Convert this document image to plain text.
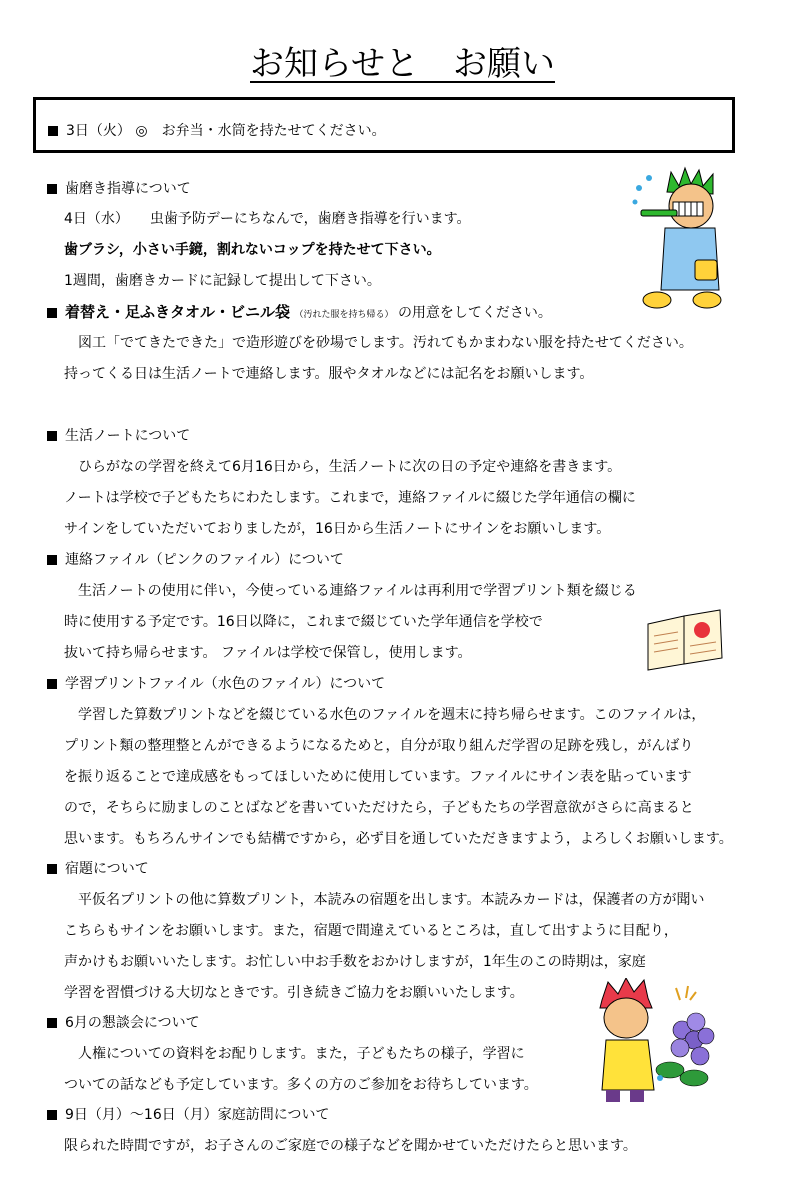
お知らせと　お願い
3日（火） ◎　お弁当・水筒を持たせてください。
歯磨き指導について
4日（水）　　虫歯予防デーにちなんで，歯磨き指導を行います。
歯ブラシ，小さい手鏡，割れないコップを持たせて下さい。
1週間，歯磨きカードに記録して提出して下さい。
着替え・足ふきタオル・ビニル袋 （汚れた服を持ち帰る） の用意をしてください。
図工「でてきたできた」で造形遊びを砂場でします。汚れてもかまわない服を持たせてください。
持ってくる日は生活ノートで連絡します。服やタオルなどには記名をお願いします。
生活ノートについて
ひらがなの学習を終えて6月16日から，生活ノートに次の日の予定や連絡を書きます。
ノートは学校で子どもたちにわたします。これまで，連絡ファイルに綴じた学年通信の欄に
サインをしていただいておりましたが，16日から生活ノートにサインをお願いします。
連絡ファイル（ピンクのファイル）について
生活ノートの使用に伴い，今使っている連絡ファイルは再利用で学習プリント類を綴じる
時に使用する予定です。16日以降に，これまで綴じていた学年通信を学校で
抜いて持ち帰らせます。 ファイルは学校で保管し，使用します。
学習プリントファイル（水色のファイル）について
学習した算数プリントなどを綴じている水色のファイルを週末に持ち帰らせます。このファイルは，
プリント類の整理整とんができるようになるためと，自分が取り組んだ学習の足跡を残し，がんばり
を振り返ることで達成感をもってほしいために使用しています。ファイルにサイン表を貼っています
ので，そちらに励ましのことばなどを書いていただけたら，子どもたちの学習意欲がさらに高まると
思います。もちろんサインでも結構ですから，必ず目を通していただきますよう，よろしくお願いします。
宿題について
平仮名プリントの他に算数プリント，本読みの宿題を出します。本読みカードは，保護者の方が聞い
こちらもサインをお願いします。また，宿題で間違えているところは，直して出すように目配り，
声かけもお願いいたします。お忙しい中お手数をおかけしますが，1年生のこの時期は，家庭
学習を習慣づける大切なときです。引き続きご協力をお願いいたします。
6月の懇談会について
人権についての資料をお配りします。また，子どもたちの様子，学習に
ついての話なども予定しています。多くの方のご参加をお待ちしています。
9日（月）～16日（月）家庭訪問について
限られた時間ですが，お子さんのご家庭での様子などを聞かせていただけたらと思います。
